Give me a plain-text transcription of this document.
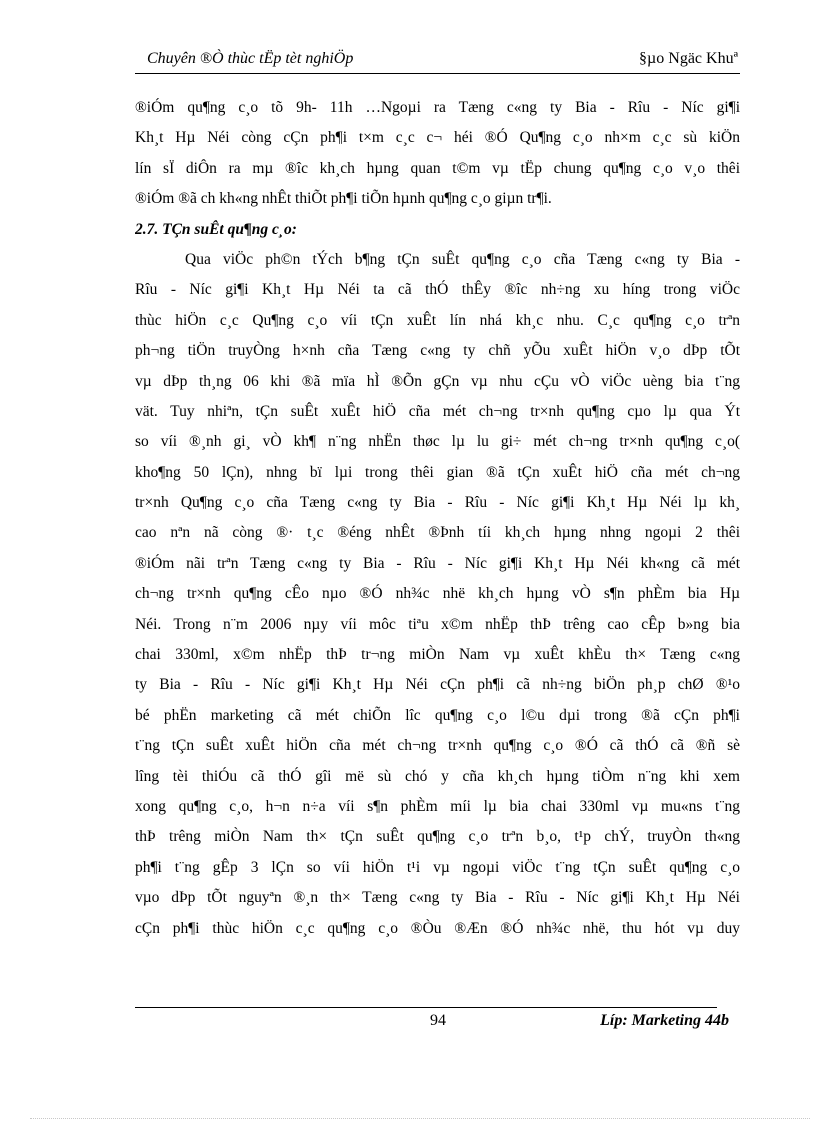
Chuyên ®Ò thùc tËp tèt nghiÖp	§µo Ngäc Khuª
®iÓm qu¶ng c¸o tõ 9h- 11h …Ngoµi ra Tæng c«ng ty Bia - Rîu - Níc gi¶i
Kh¸t Hµ Néi còng cÇn ph¶i t×m c¸c c¬ héi ®Ó Qu¶ng c¸o nh×m c¸c sù kiÖn
lín sÏ diÔn ra mµ ®îc kh¸ch hµng quan t©m vµ tËp chung qu¶ng c¸o v¸o thêi
®iÓm ®ã ch kh«ng nhÊt thiÕt ph¶i tiÕn hµnh qu¶ng c¸o giµn tr¶i.
2.7. TÇn suÊt qu¶ng c¸o:
Qua viÖc ph©n tÝch b¶ng tÇn suÊt qu¶ng c¸o cña Tæng c«ng ty Bia -
Rîu - Níc gi¶i Kh¸t Hµ Néi ta cã thÓ thÊy ®îc nh÷ng xu híng trong viÖc
thùc hiÖn c¸c Qu¶ng c¸o víi tÇn xuÊt lín nhá kh¸c nhu. C¸c qu¶ng c¸o trªn
ph¬ng tiÖn truyÒng h×nh cña Tæng c«ng ty chñ yÕu xuÊt hiÖn v¸o dÞp tÕt
vµ dÞp th¸ng 06 khi ®ã mïa hÌ ®Õn gÇn vµ nhu cÇu vÒ viÖc uèng bia t¨ng
vät. Tuy nhiªn, tÇn suÊt xuÊt hiÖ cña mét ch¬ng tr×nh qu¶ng cµo lµ qua Ýt
so víi ®¸nh gi¸ vÒ kh¶ n¨ng nhËn thøc lµ lu gi÷ mét ch¬ng tr×nh qu¶ng c¸o(
kho¶ng 50 lÇn), nhng bï lµi trong thêi gian ®ã tÇn xuÊt hiÖ cña mét ch¬ng
tr×nh Qu¶ng c¸o cña Tæng c«ng ty Bia - Rîu - Níc gi¶i Kh¸t Hµ Néi lµ kh¸
cao nªn nã còng ®· t¸c ®éng nhÊt ®Þnh tíi kh¸ch hµng nhng ngoµi 2 thêi
®iÓm nãi trªn Tæng c«ng ty Bia - Rîu - Níc gi¶i Kh¸t Hµ Néi kh«ng cã mét
ch¬ng tr×nh qu¶ng cÊo nµo ®Ó nh¾c nhë kh¸ch hµng vÒ s¶n phÈm bia Hµ
Néi. Trong n¨m 2006 nµy víi môc tiªu x©m nhËp thÞ trêng cao cÊp b»ng bia
chai 330ml, x©m nhËp thÞ tr¬ng miÒn Nam vµ xuÊt khÈu th× Tæng c«ng
ty Bia - Rîu - Níc gi¶i Kh¸t Hµ Néi cÇn ph¶i cã nh÷ng biÖn ph¸p chØ ®¹o
bé phËn marketing cã mét chiÕn lîc qu¶ng c¸o l©u dµi trong ®ã cÇn ph¶i
t¨ng tÇn suÊt xuÊt hiÖn cña mét ch¬ng tr×nh qu¶ng c¸o ®Ó cã thÓ cã ®ñ sè
lîng tèi thiÓu cã thÓ gîi më sù chó y cña kh¸ch hµng tiÒm n¨ng khi xem
xong qu¶ng c¸o, h¬n n÷a víi s¶n phÈm míi lµ bia chai 330ml vµ mu«ns t¨ng
thÞ trêng miÒn Nam th× tÇn suÊt qu¶ng c¸o trªn b¸o, t¹p chÝ, truyÒn th«ng
ph¶i t¨ng gÊp 3 lÇn so víi hiÖn t¹i vµ ngoµi viÖc t¨ng tÇn suÊt qu¶ng c¸o
vµo dÞp tÕt nguyªn ®¸n th× Tæng c«ng ty Bia - Rîu - Níc gi¶i Kh¸t Hµ Néi
cÇn ph¶i thùc hiÖn c¸c qu¶ng c¸o ®Òu ®Æn ®Ó nh¾c nhë, thu hót vµ duy
94	Líp: Marketing 44b
